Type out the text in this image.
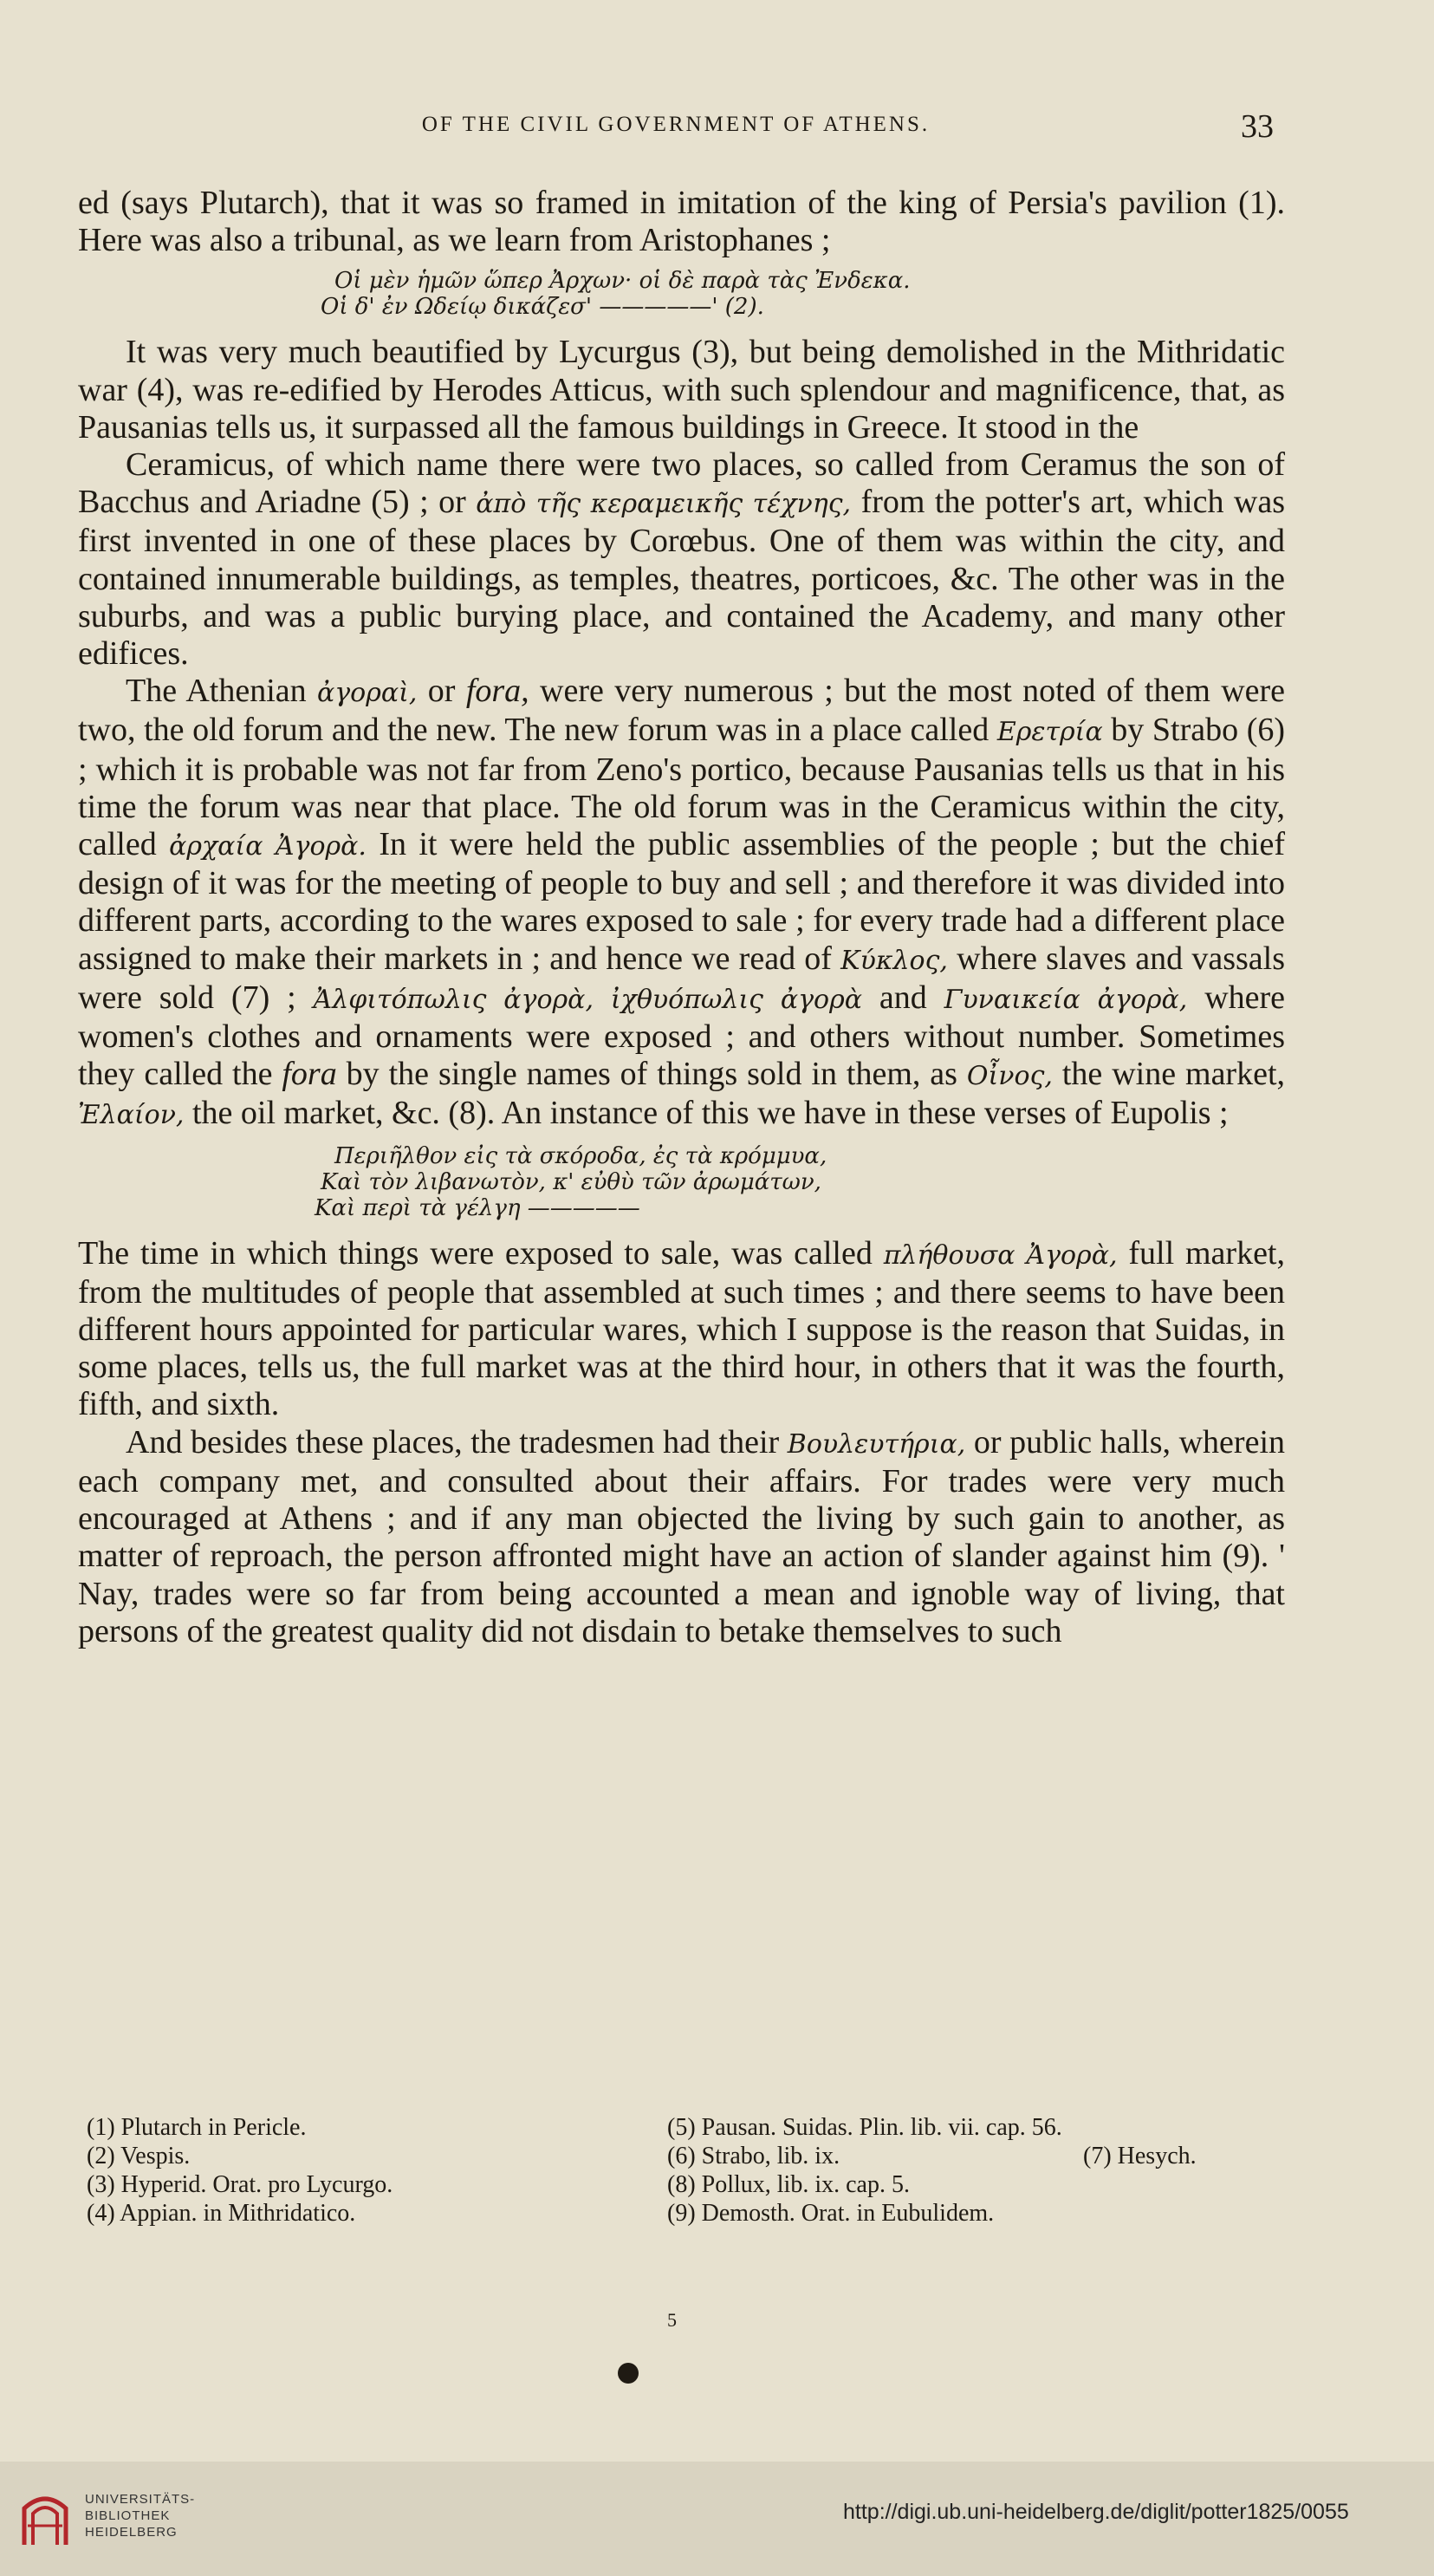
OF THE CIVIL GOVERNMENT OF ATHENS.	33

ed (says Plutarch), that it was so framed in imitation of the king of Persia's pavilion (1). Here was also a tribunal, as we learn from Aristophanes ;

Οἱ μὲν ἡμῶν ὥπερ Ἀρχων· οἱ δὲ παρὰ τὰς Ἐνδεκα.
Οἱ δ' ἐν Ωδείῳ δικάζεσ' —————' (2).

It was very much beautified by Lycurgus (3), but being demolished in the Mithridatic war (4), was re-edified by Herodes Atticus, with such splendour and magnificence, that, as Pausanias tells us, it surpassed all the famous buildings in Greece. It stood in the

Ceramicus, of which name there were two places, so called from Ceramus the son of Bacchus and Ariadne (5) ; or ἀπὸ τῆς κεραμεικῆς τέχνης, from the potter's art, which was first invented in one of these places by Corœbus. One of them was within the city, and contained innumerable buildings, as temples, theatres, porticoes, &c. The other was in the suburbs, and was a public burying place, and contained the Academy, and many other edifices.

The Athenian ἀγοραὶ, or fora, were very numerous ; but the most noted of them were two, the old forum and the new. The new forum was in a place called Ερετρία by Strabo (6) ; which it is probable was not far from Zeno's portico, because Pausanias tells us that in his time the forum was near that place. The old forum was in the Ceramicus within the city, called ἀρχαία Ἀγορὰ. In it were held the public assemblies of the people ; but the chief design of it was for the meeting of people to buy and sell ; and therefore it was divided into different parts, according to the wares exposed to sale ; for every trade had a different place assigned to make their markets in ; and hence we read of Κύκλος, where slaves and vassals were sold (7) ; Ἀλφιτόπωλις ἀγορὰ, ἰχθυόπωλις ἀγορὰ and Γυναικεία ἀγορὰ, where women's clothes and ornaments were exposed ; and others without number. Sometimes they called the fora by the single names of things sold in them, as Οἶνος, the wine market, Ἐλαίον, the oil market, &c. (8). An instance of this we have in these verses of Eupolis ;

Περιῆλθον εἰς τὰ σκόροδα, ἐς τὰ κρόμμυα,
Καὶ τὸν λιβανωτὸν, κ' εὐθὺ τῶν ἀρωμάτων,
Καὶ περὶ τὰ γέλγη —————

The time in which things were exposed to sale, was called πλήθουσα Ἀγορὰ, full market, from the multitudes of people that assembled at such times ; and there seems to have been different hours appointed for particular wares, which I suppose is the reason that Suidas, in some places, tells us, the full market was at the third hour, in others that it was the fourth, fifth, and sixth.

And besides these places, the tradesmen had their Βουλευτήρια, or public halls, wherein each company met, and consulted about their affairs. For trades were very much encouraged at Athens ; and if any man objected the living by such gain to another, as matter of reproach, the person affronted might have an action of slander against him (9). ' Nay, trades were so far from being accounted a mean and ignoble way of living, that persons of the greatest quality did not disdain to betake themselves to such

(1) Plutarch in Pericle.
(2) Vespis.
(3) Hyperid. Orat. pro Lycurgo.
(4) Appian. in Mithridatico.
(5) Pausan. Suidas. Plin. lib. vii. cap. 56.
(6) Strabo, lib. ix.	(7) Hesych.
(8) Pollux, lib. ix. cap. 5.
(9) Demosth. Orat. in Eubulidem.
5
UNIVERSITÄTS-
BIBLIOTHEK
HEIDELBERG
http://digi.ub.uni-heidelberg.de/diglit/potter1825/0055
